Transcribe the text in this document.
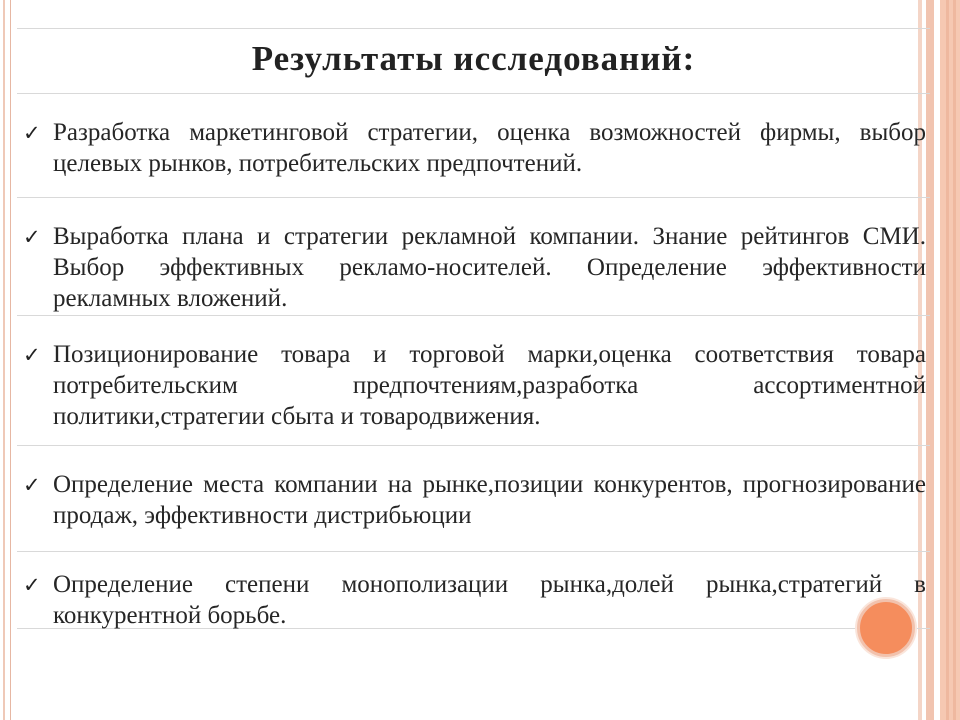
Результаты исследований:
✓ Разработка маркетинговой стратегии, оценка возможностей фирмы, выбор целевых рынков, потребительских предпочтений.
✓ Выработка плана и стратегии рекламной компании. Знание рейтингов СМИ. Выбор эффективных рекламо-носителей. Определение эффективности рекламных вложений.
✓ Позиционирование товара и торговой марки,оценка соответствия товара потребительским предпочтениям,разработка ассортиментной политики,стратегии сбыта и товародвижения.
✓ Определение места компании на рынке,позиции конкурентов, прогнозирование продаж, эффективности дистрибьюции
✓ Определение степени монополизации рынка,долей рынка,стратегий в конкурентной борьбе.
